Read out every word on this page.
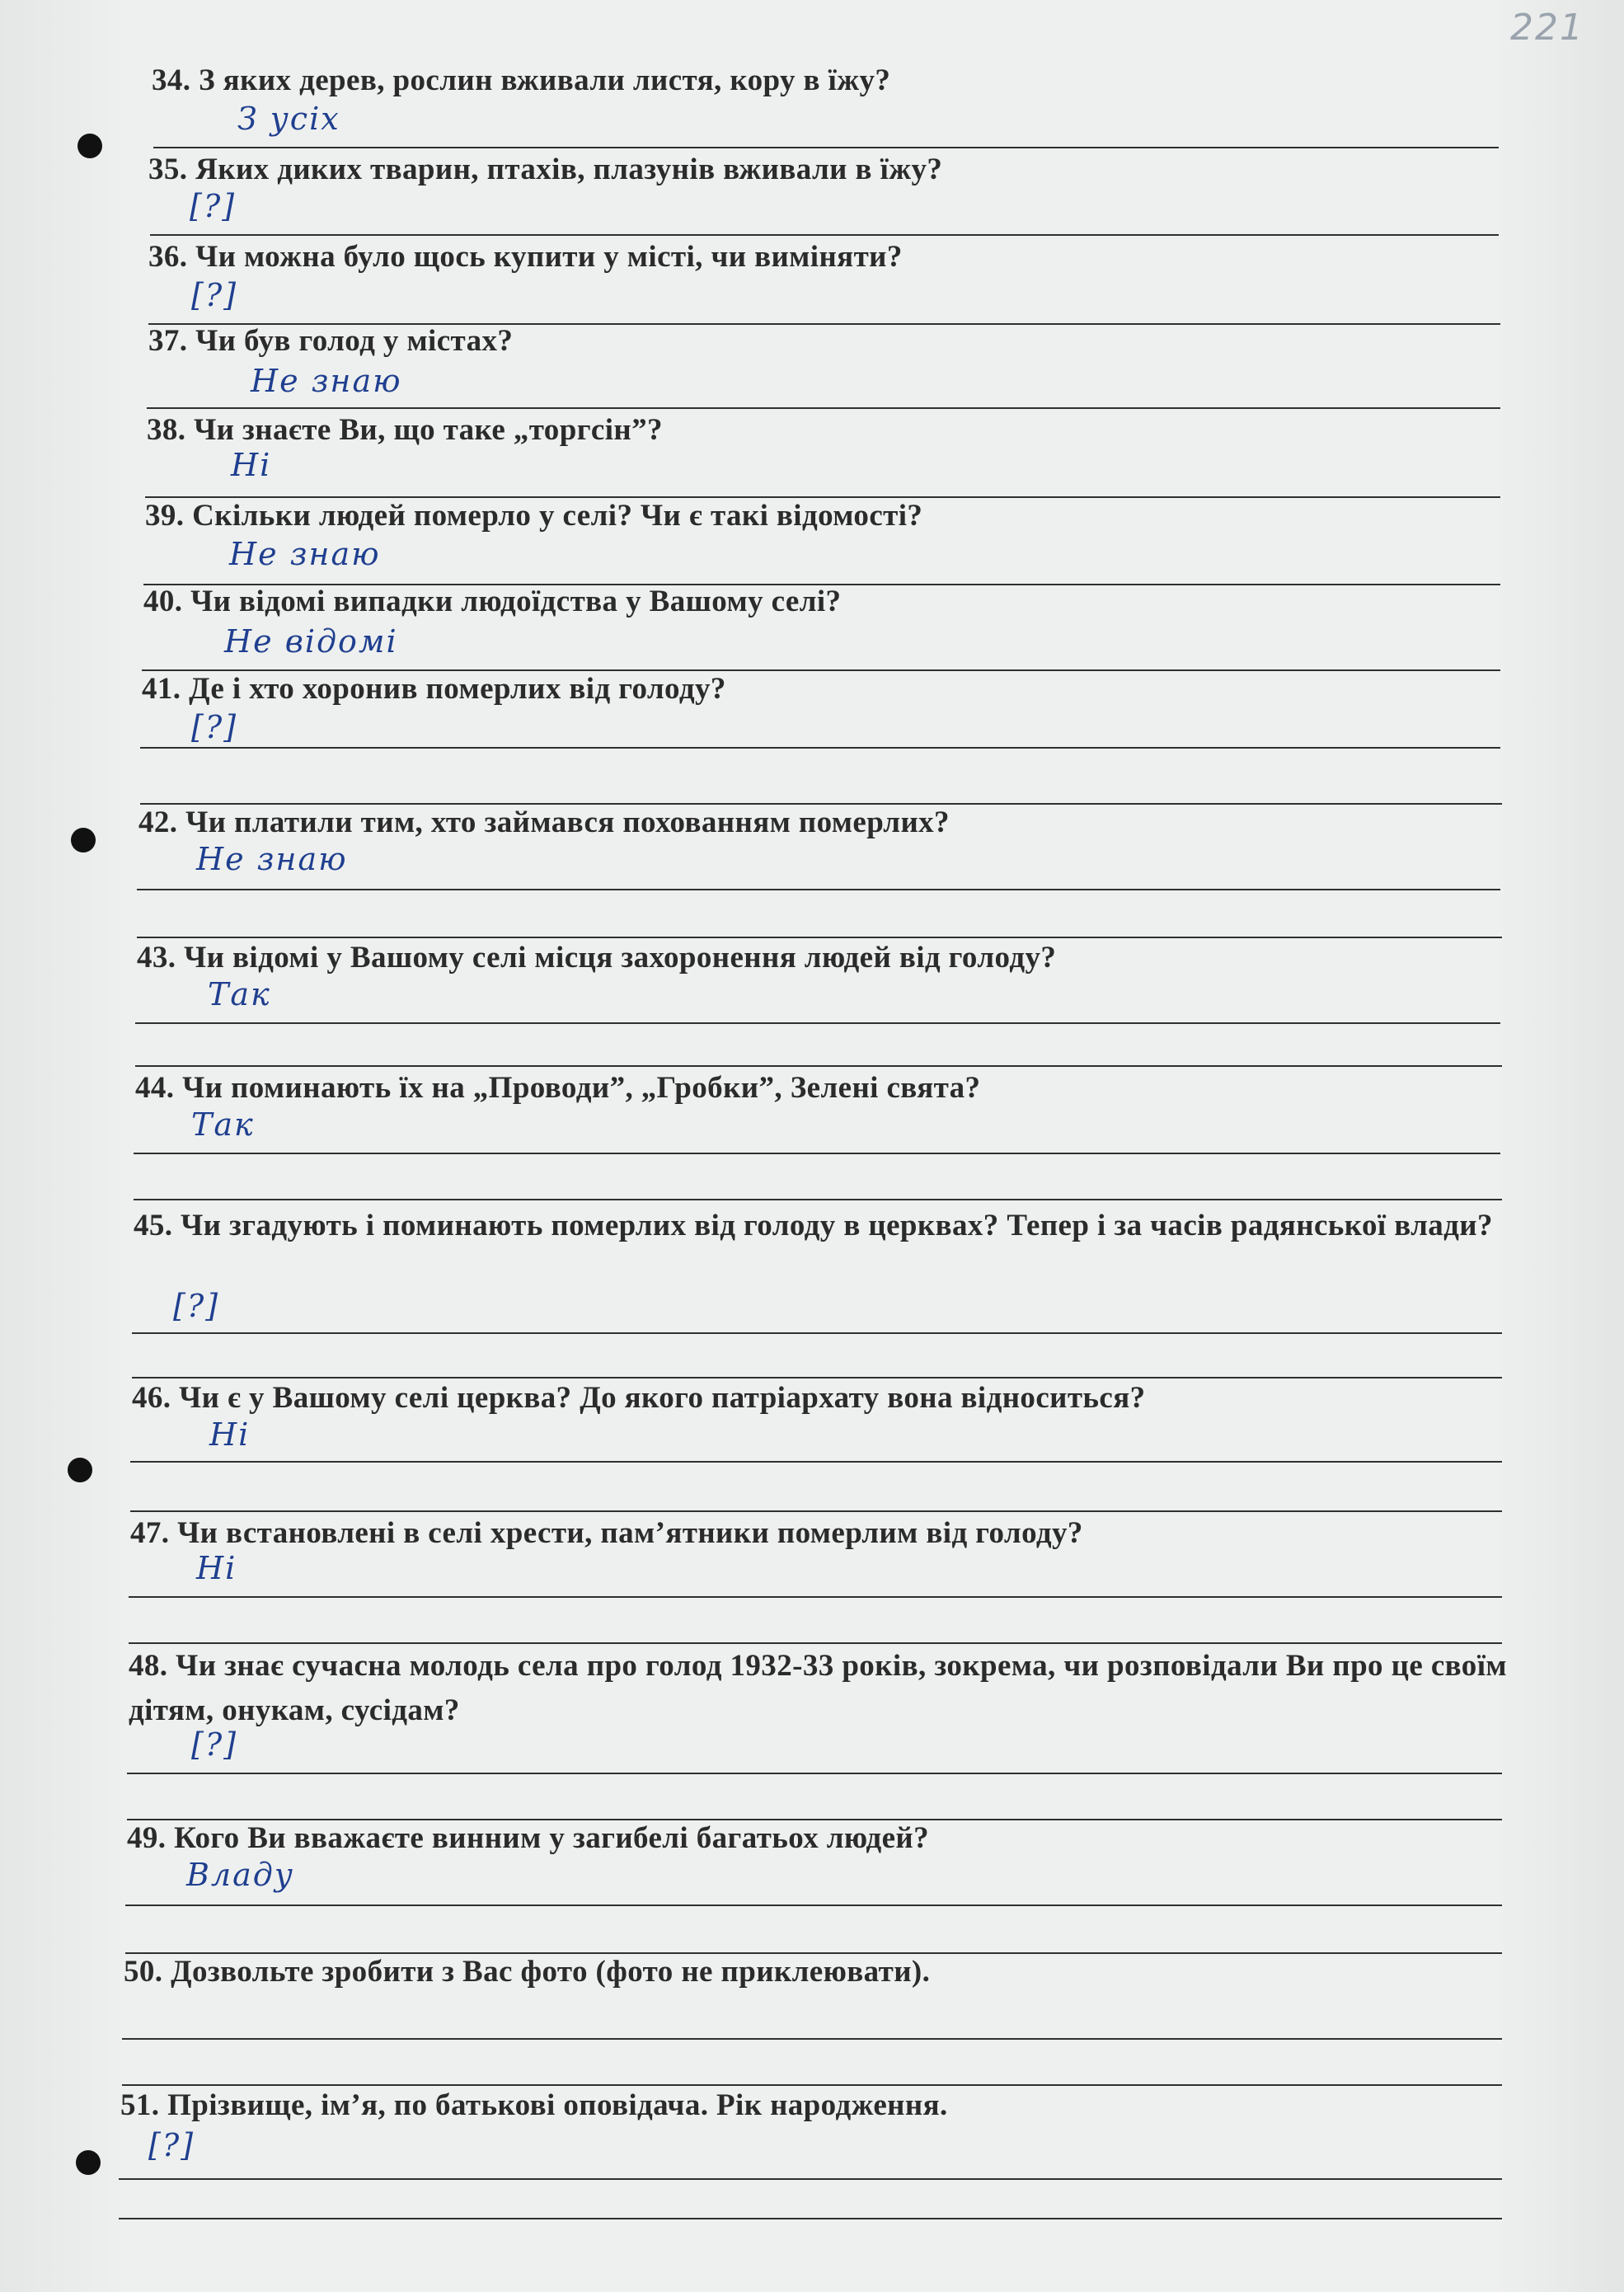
221
34. З яких дерев, рослин вживали листя, кору в їжу?
З усіх
35. Яких диких тварин, птахів, плазунів вживали в їжу?
[?]
36. Чи можна було щось купити у місті, чи виміняти?
[?]
37. Чи був голод у містах?
Не знаю
38. Чи знаєте Ви, що таке „торгсін”?
Ні
39. Скільки людей померло у селі? Чи є такі відомості?
Не знаю
40. Чи відомі випадки людоїдства у Вашому селі?
Не відомі
41. Де і хто хоронив померлих від голоду?
[?]
42. Чи платили тим, хто займався похованням померлих?
Не знаю
43. Чи відомі у Вашому селі місця захоронення людей від голоду?
Так
44. Чи поминають їх на „Проводи”, „Гробки”, Зелені свята?
Так
45. Чи згадують і поминають померлих від голоду в церквах? Тепер і за часів радянської влади?
[?]
46. Чи є у Вашому селі церква? До якого патріархату вона відноситься?
Ні
47. Чи встановлені в селі хрести, пам’ятники померлим від голоду?
Ні
48. Чи знає сучасна молодь села про голод 1932-33 років, зокрема, чи розповідали Ви про це своїм дітям, онукам, сусідам?
[?]
49. Кого Ви вважаєте винним у загибелі багатьох людей?
Владу
50. Дозвольте зробити з Вас фото (фото не приклеювати).
51. Прізвище, ім’я, по батькові оповідача. Рік народження.
[?]
